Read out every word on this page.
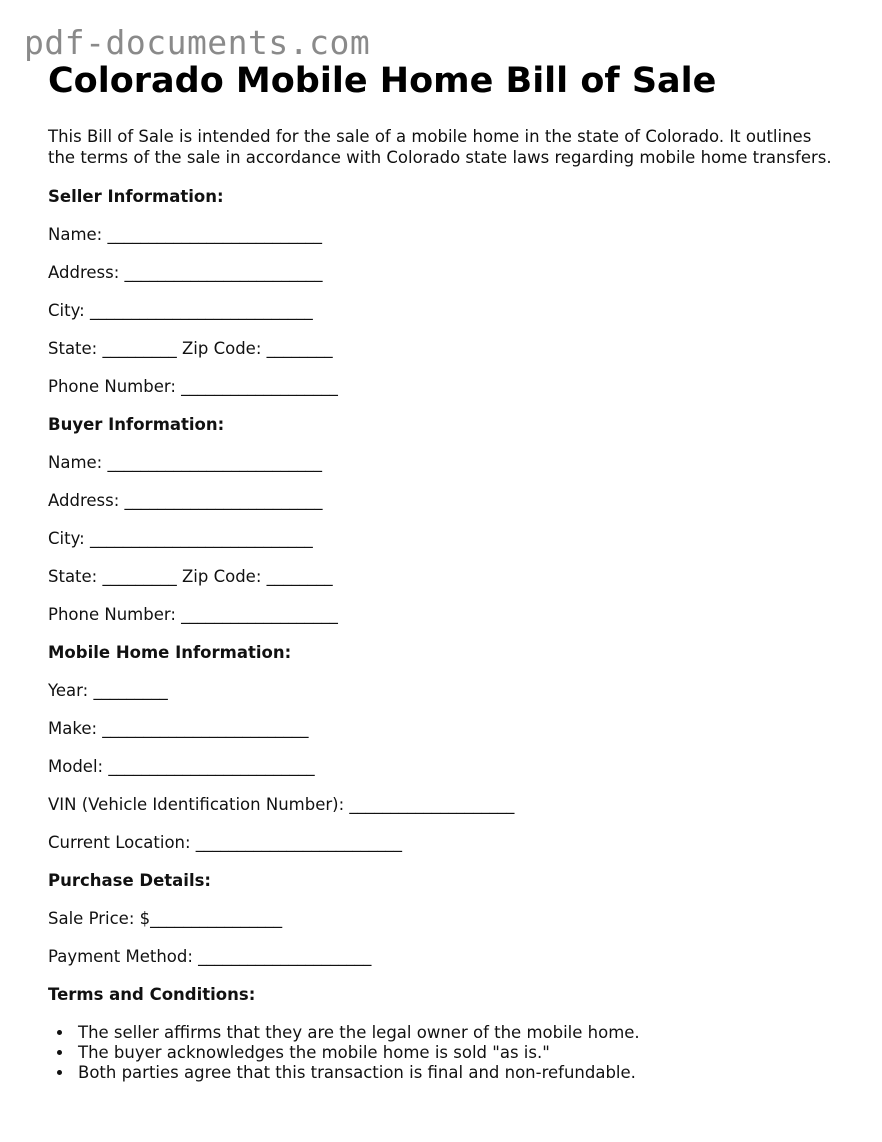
pdf-documents.com
Colorado Mobile Home Bill of Sale

This Bill of Sale is intended for the sale of a mobile home in the state of Colorado. It outlines the terms of the sale in accordance with Colorado state laws regarding mobile home transfers.

Seller Information:

Name: __________________________

Address: ________________________

City: ___________________________

State: _________ Zip Code: ________

Phone Number: ___________________

Buyer Information:

Name: __________________________

Address: ________________________

City: ___________________________

State: _________ Zip Code: ________

Phone Number: ___________________

Mobile Home Information:

Year: _________

Make: _________________________

Model: _________________________

VIN (Vehicle Identification Number): ____________________

Current Location: _________________________

Purchase Details:

Sale Price: $________________

Payment Method: _____________________

Terms and Conditions:

• The seller affirms that they are the legal owner of the mobile home.
• The buyer acknowledges the mobile home is sold "as is."
• Both parties agree that this transaction is final and non-refundable.
